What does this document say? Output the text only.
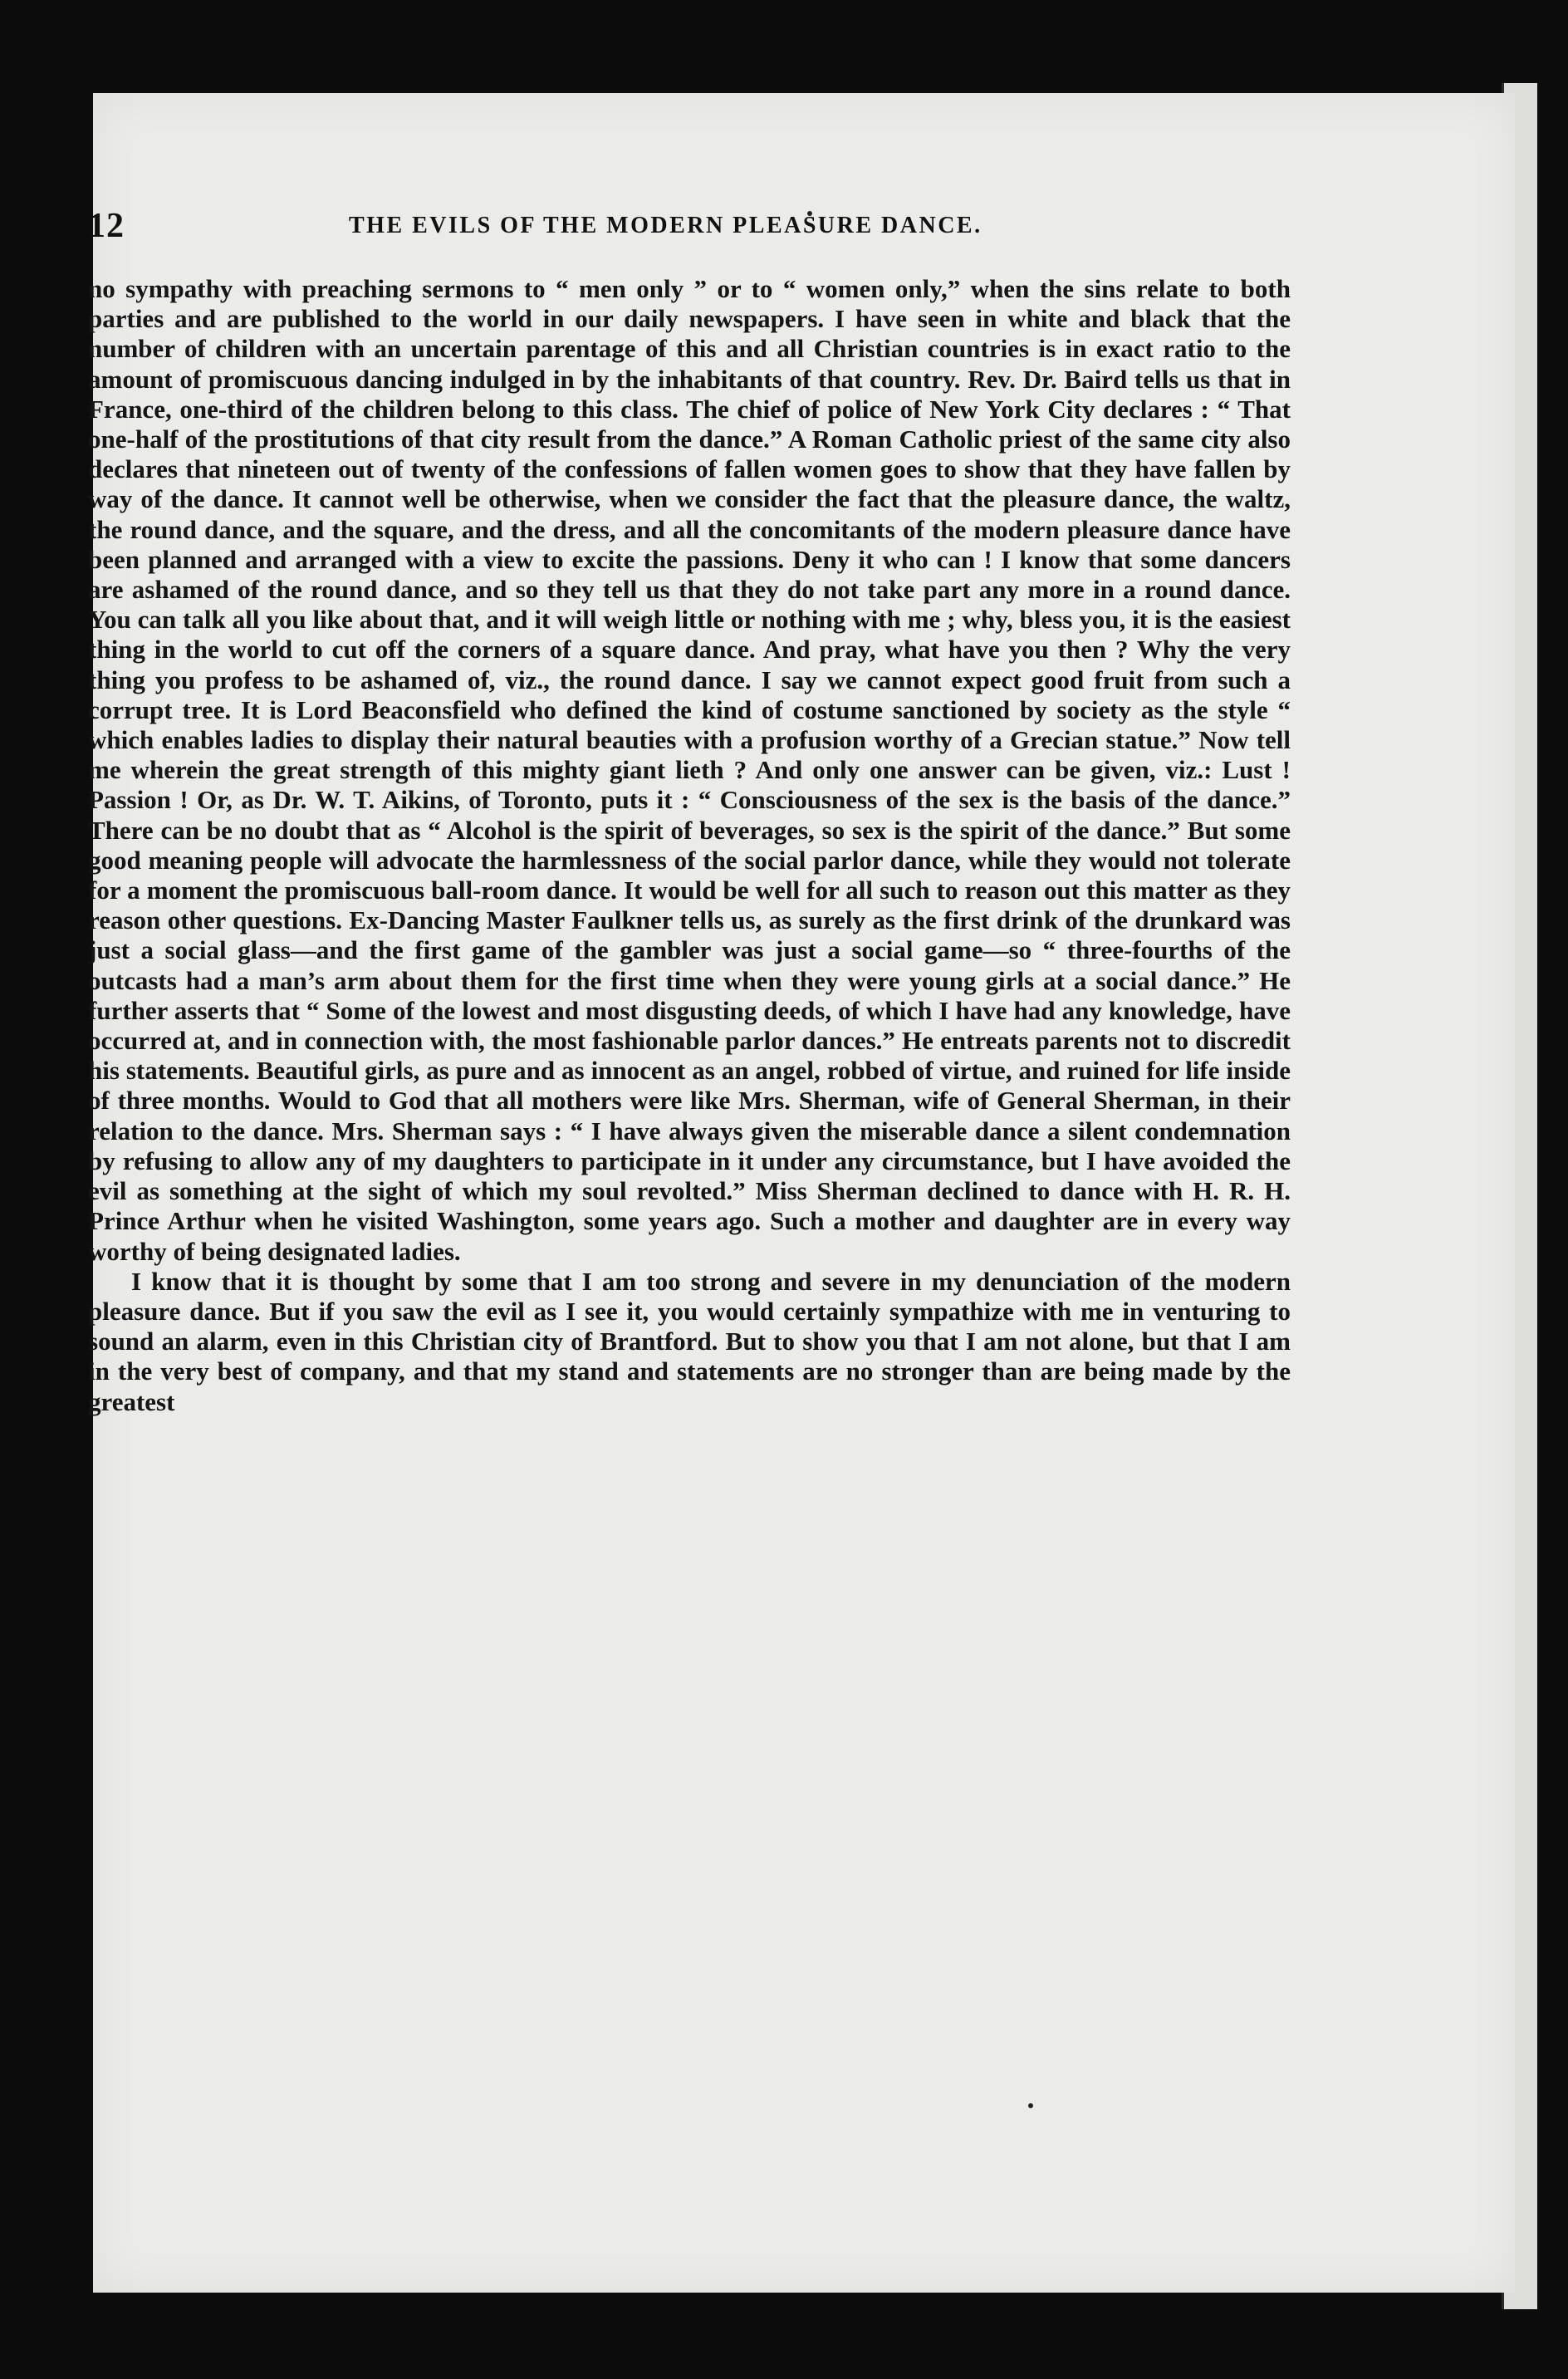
12	THE EVILS OF THE MODERN PLEASURE DANCE.

no sympathy with preaching sermons to “ men only ” or to “ women only,” when the sins relate to both parties and are published to the world in our daily newspapers. I have seen in white and black that the number of children with an uncertain parentage of this and all Christian countries is in exact ratio to the amount of promiscuous dancing indulged in by the inhabitants of that country. Rev. Dr. Baird tells us that in France, one-third of the children belong to this class. The chief of police of New York City declares : “ That one-half of the prostitutions of that city result from the dance.” A Roman Catholic priest of the same city also declares that nineteen out of twenty of the confessions of fallen women goes to show that they have fallen by way of the dance. It cannot well be otherwise, when we consider the fact that the pleasure dance, the waltz, the round dance, and the square, and the dress, and all the concomitants of the modern pleasure dance have been planned and arranged with a view to excite the passions. Deny it who can ! I know that some dancers are ashamed of the round dance, and so they tell us that they do not take part any more in a round dance. You can talk all you like about that, and it will weigh little or nothing with me ; why, bless you, it is the easiest thing in the world to cut off the corners of a square dance. And pray, what have you then ? Why the very thing you profess to be ashamed of, viz., the round dance. I say we cannot expect good fruit from such a corrupt tree. It is Lord Beaconsfield who defined the kind of costume sanctioned by society as the style “ which enables ladies to display their natural beauties with a profusion worthy of a Grecian statue.” Now tell me wherein the great strength of this mighty giant lieth ? And only one answer can be given, viz.: Lust ! Passion ! Or, as Dr. W. T. Aikins, of Toronto, puts it : “ Consciousness of the sex is the basis of the dance.” There can be no doubt that as “ Alcohol is the spirit of beverages, so sex is the spirit of the dance.” But some good meaning people will advocate the harmlessness of the social parlor dance, while they would not tolerate for a moment the promiscuous ball-room dance. It would be well for all such to reason out this matter as they reason other questions. Ex-Dancing Master Faulkner tells us, as surely as the first drink of the drunkard was just a social glass—and the first game of the gambler was just a social game—so “ three-fourths of the outcasts had a man’s arm about them for the first time when they were young girls at a social dance.” He further asserts that “ Some of the lowest and most disgusting deeds, of which I have had any knowledge, have occurred at, and in connection with, the most fashionable parlor dances.” He entreats parents not to discredit his statements. Beautiful girls, as pure and as innocent as an angel, robbed of virtue, and ruined for life inside of three months. Would to God that all mothers were like Mrs. Sherman, wife of General Sherman, in their relation to the dance. Mrs. Sherman says : “ I have always given the miserable dance a silent condemnation by refusing to allow any of my daughters to participate in it under any circumstance, but I have avoided the evil as something at the sight of which my soul revolted.” Miss Sherman declined to dance with H. R. H. Prince Arthur when he visited Washington, some years ago. Such a mother and daughter are in every way worthy of being designated ladies.

I know that it is thought by some that I am too strong and severe in my denunciation of the modern pleasure dance. But if you saw the evil as I see it, you would certainly sympathize with me in venturing to sound an alarm, even in this Christian city of Brantford. But to show you that I am not alone, but that I am in the very best of company, and that my stand and statements are no stronger than are being made by the greatest
